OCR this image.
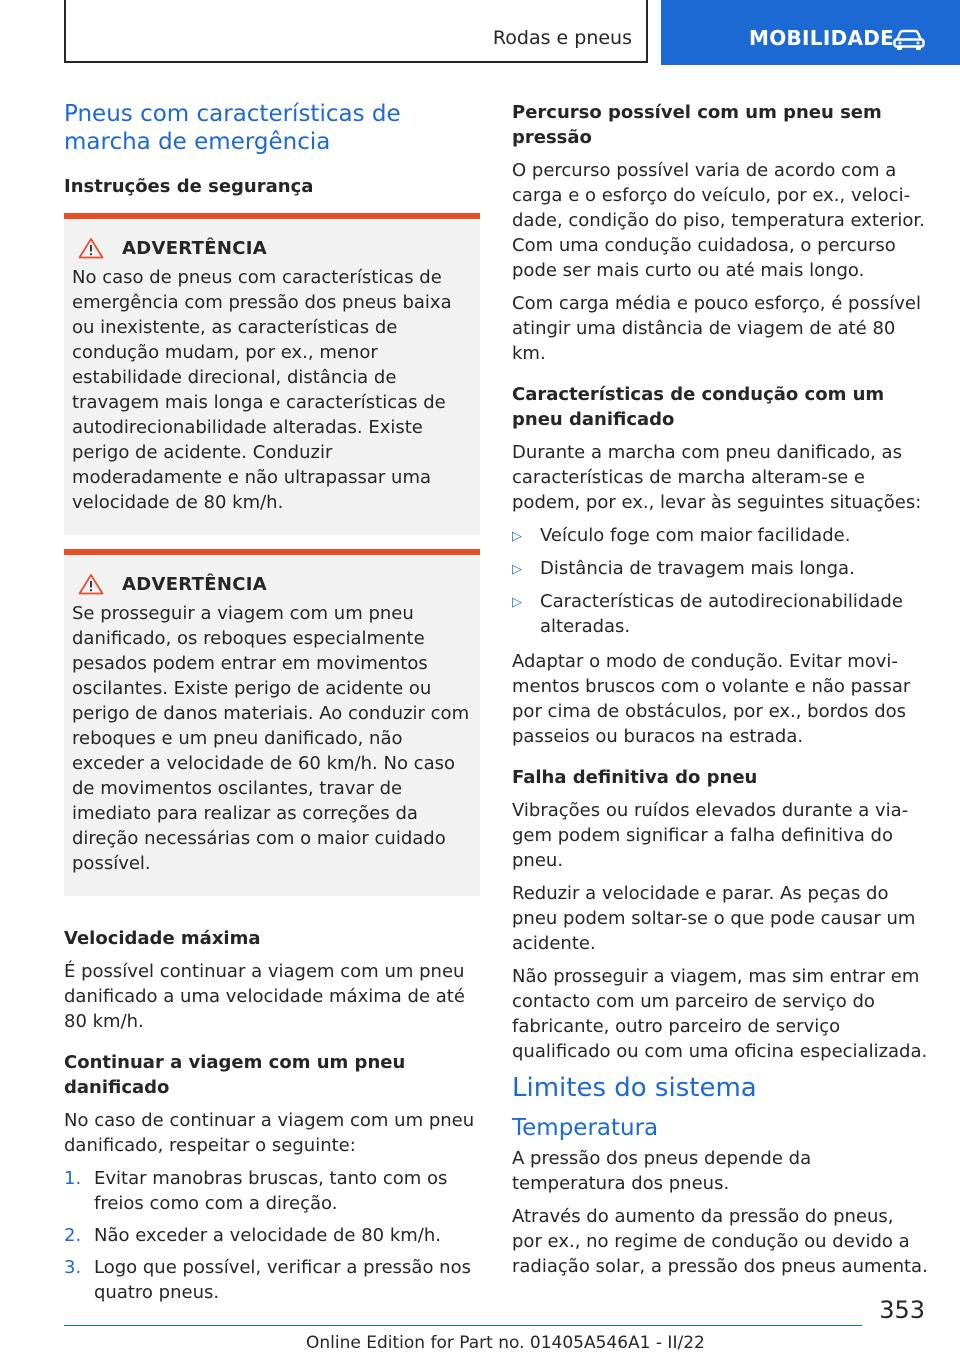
Rodas e pneus	MOBILIDADE
Pneus com características de marcha de emergência
Instruções de segurança
ADVERTÊNCIA
No caso de pneus com características de emergência com pressão dos pneus baixa ou inexistente, as características de condução mudam, por ex., menor estabilidade direcional, distância de travagem mais longa e características de autodirecionabilidade alteradas. Existe perigo de acidente. Conduzir moderadamente e não ultrapassar uma velocidade de 80 km/h.
ADVERTÊNCIA
Se prosseguir a viagem com um pneu danificado, os reboques especialmente pesados podem entrar em movimentos oscilantes. Existe perigo de acidente ou perigo de danos materiais. Ao conduzir com reboques e um pneu danificado, não exceder a velocidade de 60 km/h. No caso de movimentos oscilantes, travar de imediato para realizar as correções da direção necessárias com o maior cuidado possível.
Velocidade máxima

É possível continuar a viagem com um pneu danificado a uma velocidade máxima de até 80 km/h.

Continuar a viagem com um pneu danificado

No caso de continuar a viagem com um pneu danificado, respeitar o seguinte:

1. Evitar manobras bruscas, tanto com os freios como com a direção.
2. Não exceder a velocidade de 80 km/h.
3. Logo que possível, verificar a pressão nos quatro pneus.
Percurso possível com um pneu sem pressão

O percurso possível varia de acordo com a carga e o esforço do veículo, por ex., velocidade, condição do piso, temperatura exterior. Com uma condução cuidadosa, o percurso pode ser mais curto ou até mais longo.

Com carga média e pouco esforço, é possível atingir uma distância de viagem de até 80 km.

Características de condução com um pneu danificado

Durante a marcha com pneu danificado, as características de marcha alteram-se e podem, por ex., levar às seguintes situações:

▷	Veículo foge com maior facilidade.
▷	Distância de travagem mais longa.
▷	Características de autodirecionabilidade alteradas.

Adaptar o modo de condução. Evitar movimentos bruscos com o volante e não passar por cima de obstáculos, por ex., bordos dos passeios ou buracos na estrada.

Falha definitiva do pneu

Vibrações ou ruídos elevados durante a viagem podem significar a falha definitiva do pneu.

Reduzir a velocidade e parar. As peças do pneu podem soltar-se o que pode causar um acidente.

Não prosseguir a viagem, mas sim entrar em contacto com um parceiro de serviço do fabricante, outro parceiro de serviço qualificado ou com uma oficina especializada.

Limites do sistema
Temperatura

A pressão dos pneus depende da temperatura dos pneus.

Através do aumento da pressão do pneus, por ex., no regime de condução ou devido a radiação solar, a pressão dos pneus aumenta.

353
Online Edition for Part no. 01405A546A1 - II/22
